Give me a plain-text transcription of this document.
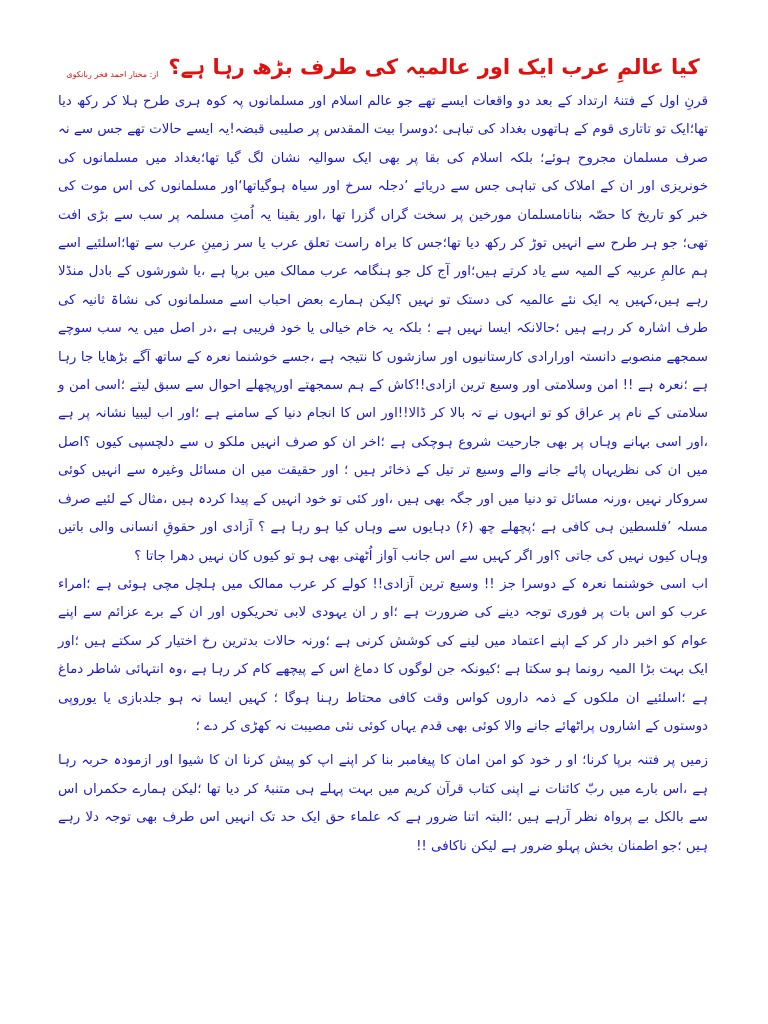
کیا عالمِ عرب ایک اور عالمیہ کی طرف بڑھ رہا ہے؟
از: مختار احمد فخر ربانکوی

قرنِ اول کے فتنۂ ارتداد کے بعد دو واقعات ایسے تھے جو عالم اسلام اور مسلمانوں پہ کوہ ہری طرح ہلا کر رکھ دیا تھا؛ایک تو تاتاری قوم کے ہاتھوں بغداد کی تباہی ؛دوسرا بیت المقدس پر صلیبی قبضہ!یہ ایسے حالات تھے جس سے نہ صرف مسلمان مجروح ہوئے؛ بلکہ اسلام کی بقا پر بھی ایک سوالیہ نشان لگ گیا تھا؛بغداد میں مسلمانوں کی خونریزی اور ان کے املاک کی تباہی جس سے دریائے ’دجلہ سرخ اور سیاہ ہوگیاتھا‘اور مسلمانوں کی اس موت کی خبر کو تاریخ کا حصّہ بنانامسلمان مورخین پر سخت گراں گزرا تھا ،اور یقینا یہ اُمتِ مسلمہ پر سب سے بڑی افت تھی؛ جو ہر طرح سے انہیں توڑ کر رکھ دیا تھا؛جس کا براہ راست تعلق عرب یا سر زمینِ عرب سے تھا؛اسلئیے اسے ہم عالمِ عربیہ کے المیہ سے یاد کرتے ہیں؛اور آج کل جو ہنگامہ عرب ممالک میں برپا ہے ،یا شورشوں کے بادل منڈلا رہے ہیں،کہیں یہ ایک نئے عالمیہ کی دستک تو نہیں ؟لیکن ہمارے بعض احباب اسے مسلمانوں کی نشاۃ ثانیہ کی طرف اشارہ کر رہے ہیں ؛حالانکہ ایسا نہیں ہے ؛ بلکہ یہ خام خیالی یا خود فریبی ہے ،در اصل میں یہ سب سوچے سمجھے منصوبے دانستہ اورارادی کارستانیوں اور سازشوں کا نتیجہ ہے ،جسے خوشنما نعرہ کے ساتھ آگے بڑھایا جا رہا ہے ؛نعرہ ہے !! امن وسلامتی اور وسیع ترین ازادی!!کاش کے ہم سمجھتے اورپچھلے احوال سے سبق لیتے ؛اسی امن و سلامتی کے نام پر عراق کو تو انہوں نے تہ بالا کر ڈالا!!اور اس کا انجام دنیا کے سامنے ہے ؛اور اب لیبیا نشانہ پر ہے ،اور اسی بہانے وہاں پر بھی جارحیت شروع ہوچکی ہے ؛اخر ان کو صرف انہیں ملکو ں سے دلچسپی کیوں ؟اصل میں ان کی نظریہاں پائے جانے والے وسیع تر تیل کے ذخائر ہیں ؛ اور حقیقت میں ان مسائل وغیرہ سے انہیں کوئی سروکار نہیں ،ورنہ مسائل تو دنیا میں اور جگہ بھی ہیں ،اور کئی تو خود انہیں کے پیدا کردہ ہیں ،مثال کے لئیے صرف مسلہ ’فلسطین ہی کافی ہے ؛پچھلے چھ (۶) دہایوں سے وہاں کیا ہو رہا ہے ؟ آزادی اور حقوقِ انسانی والی باتیں وہاں کیوں نہیں کی جاتی ؟اور اگر کہیں سے اس جانب آواز اُٹھتی بھی ہو تو کیوں کان نہیں دھرا جاتا ؟

اب اسی خوشنما نعرہ کے دوسرا جز !! وسیع ترین آزادی!! کولے کر عرب ممالک میں ہلچل مچی ہوئی ہے ؛امراء عرب کو اس بات پر فوری توجہ دینے کی ضرورت ہے ؛او ر ان یہودی لابی تحریکوں اور ان کے برے عزائم سے اپنے عوام کو اخبر دار کر کے اپنے اعتماد میں لینے کی کوشش کرنی ہے ؛ورنہ حالات بدترین رخ اختیار کر سکتے ہیں ؛اور ایک بہت بڑا المیہ رونما ہو سکتا ہے ؛کیونکہ جن لوگوں کا دماغ اس کے پیچھے کام کر رہا ہے ،وہ انتہائی شاطر دماغ ہے ؛اسلئیے ان ملکوں کے ذمہ داروں کواس وقت کافی محتاط رہنا ہوگا ؛ کہیں ایسا نہ ہو جلدبازی یا یوروپی دوستوں کے اشاروں پراٹھائے جانے والا کوئی بھی قدم یہاں کوئی نئی مصیبت نہ کھڑی کر دے ؛

زمیں پر فتنہ برپا کرنا؛ او ر خود کو امن امان کا پیغامبر بنا کر اپنے اپ کو پیش کرنا ان کا شیوا اور ازمودہ حربہ رہا ہے ،اس بارے میں ربّ کائنات نے اپنی کتاب قرآن کریم میں بہت پہلے ہی متنبۂ کر دیا تھا ؛لیکن ہمارے حکمراں اس سے بالکل بے پرواہ نظر آرہے ہیں ؛البتہ اتنا ضرور ہے کہ علماء حق ایک حد تک انہیں اس طرف بھی توجہ دلا رہے ہیں ؛جو اطمنان بخش پہلو ضرور ہے لیکن ناکافی !!
